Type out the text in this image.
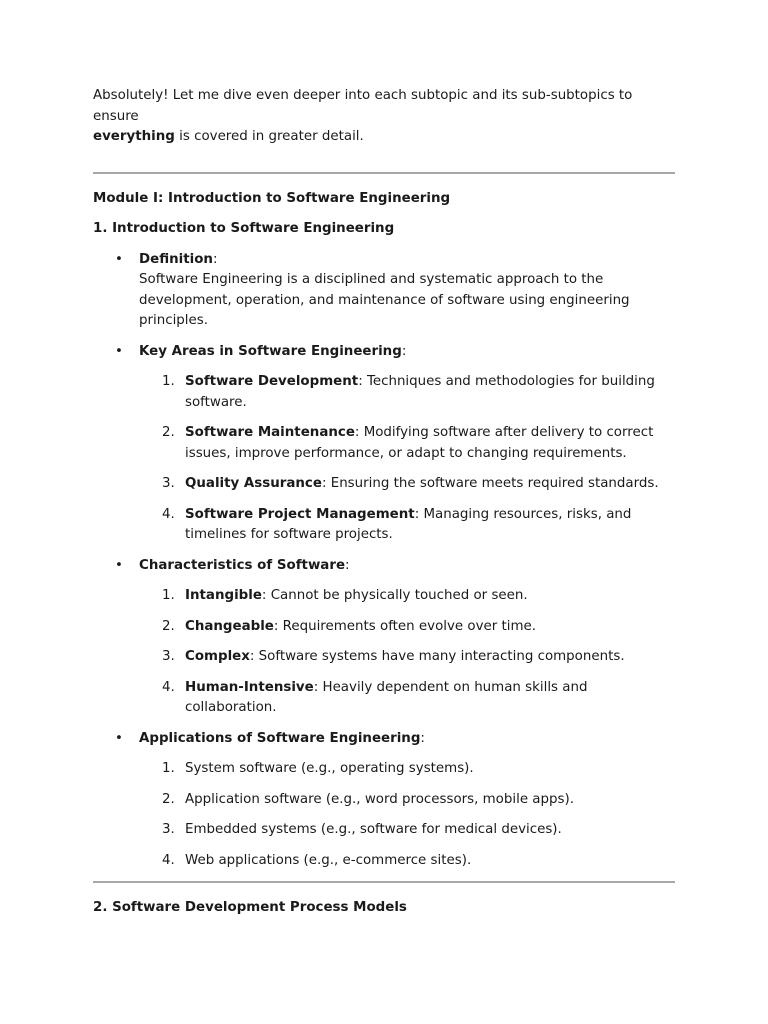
Absolutely! Let me dive even deeper into each subtopic and its sub-subtopics to ensure
everything is covered in greater detail.

Module I: Introduction to Software Engineering

1. Introduction to Software Engineering

• Definition:
Software Engineering is a disciplined and systematic approach to the development, operation, and maintenance of software using engineering principles.
• Key Areas in Software Engineering:
1. Software Development: Techniques and methodologies for building software.
2. Software Maintenance: Modifying software after delivery to correct issues, improve performance, or adapt to changing requirements.
3. Quality Assurance: Ensuring the software meets required standards.
4. Software Project Management: Managing resources, risks, and timelines for software projects.
• Characteristics of Software:
1. Intangible: Cannot be physically touched or seen.
2. Changeable: Requirements often evolve over time.
3. Complex: Software systems have many interacting components.
4. Human-Intensive: Heavily dependent on human skills and collaboration.
• Applications of Software Engineering:
1. System software (e.g., operating systems).
2. Application software (e.g., word processors, mobile apps).
3. Embedded systems (e.g., software for medical devices).
4. Web applications (e.g., e-commerce sites).

2. Software Development Process Models
